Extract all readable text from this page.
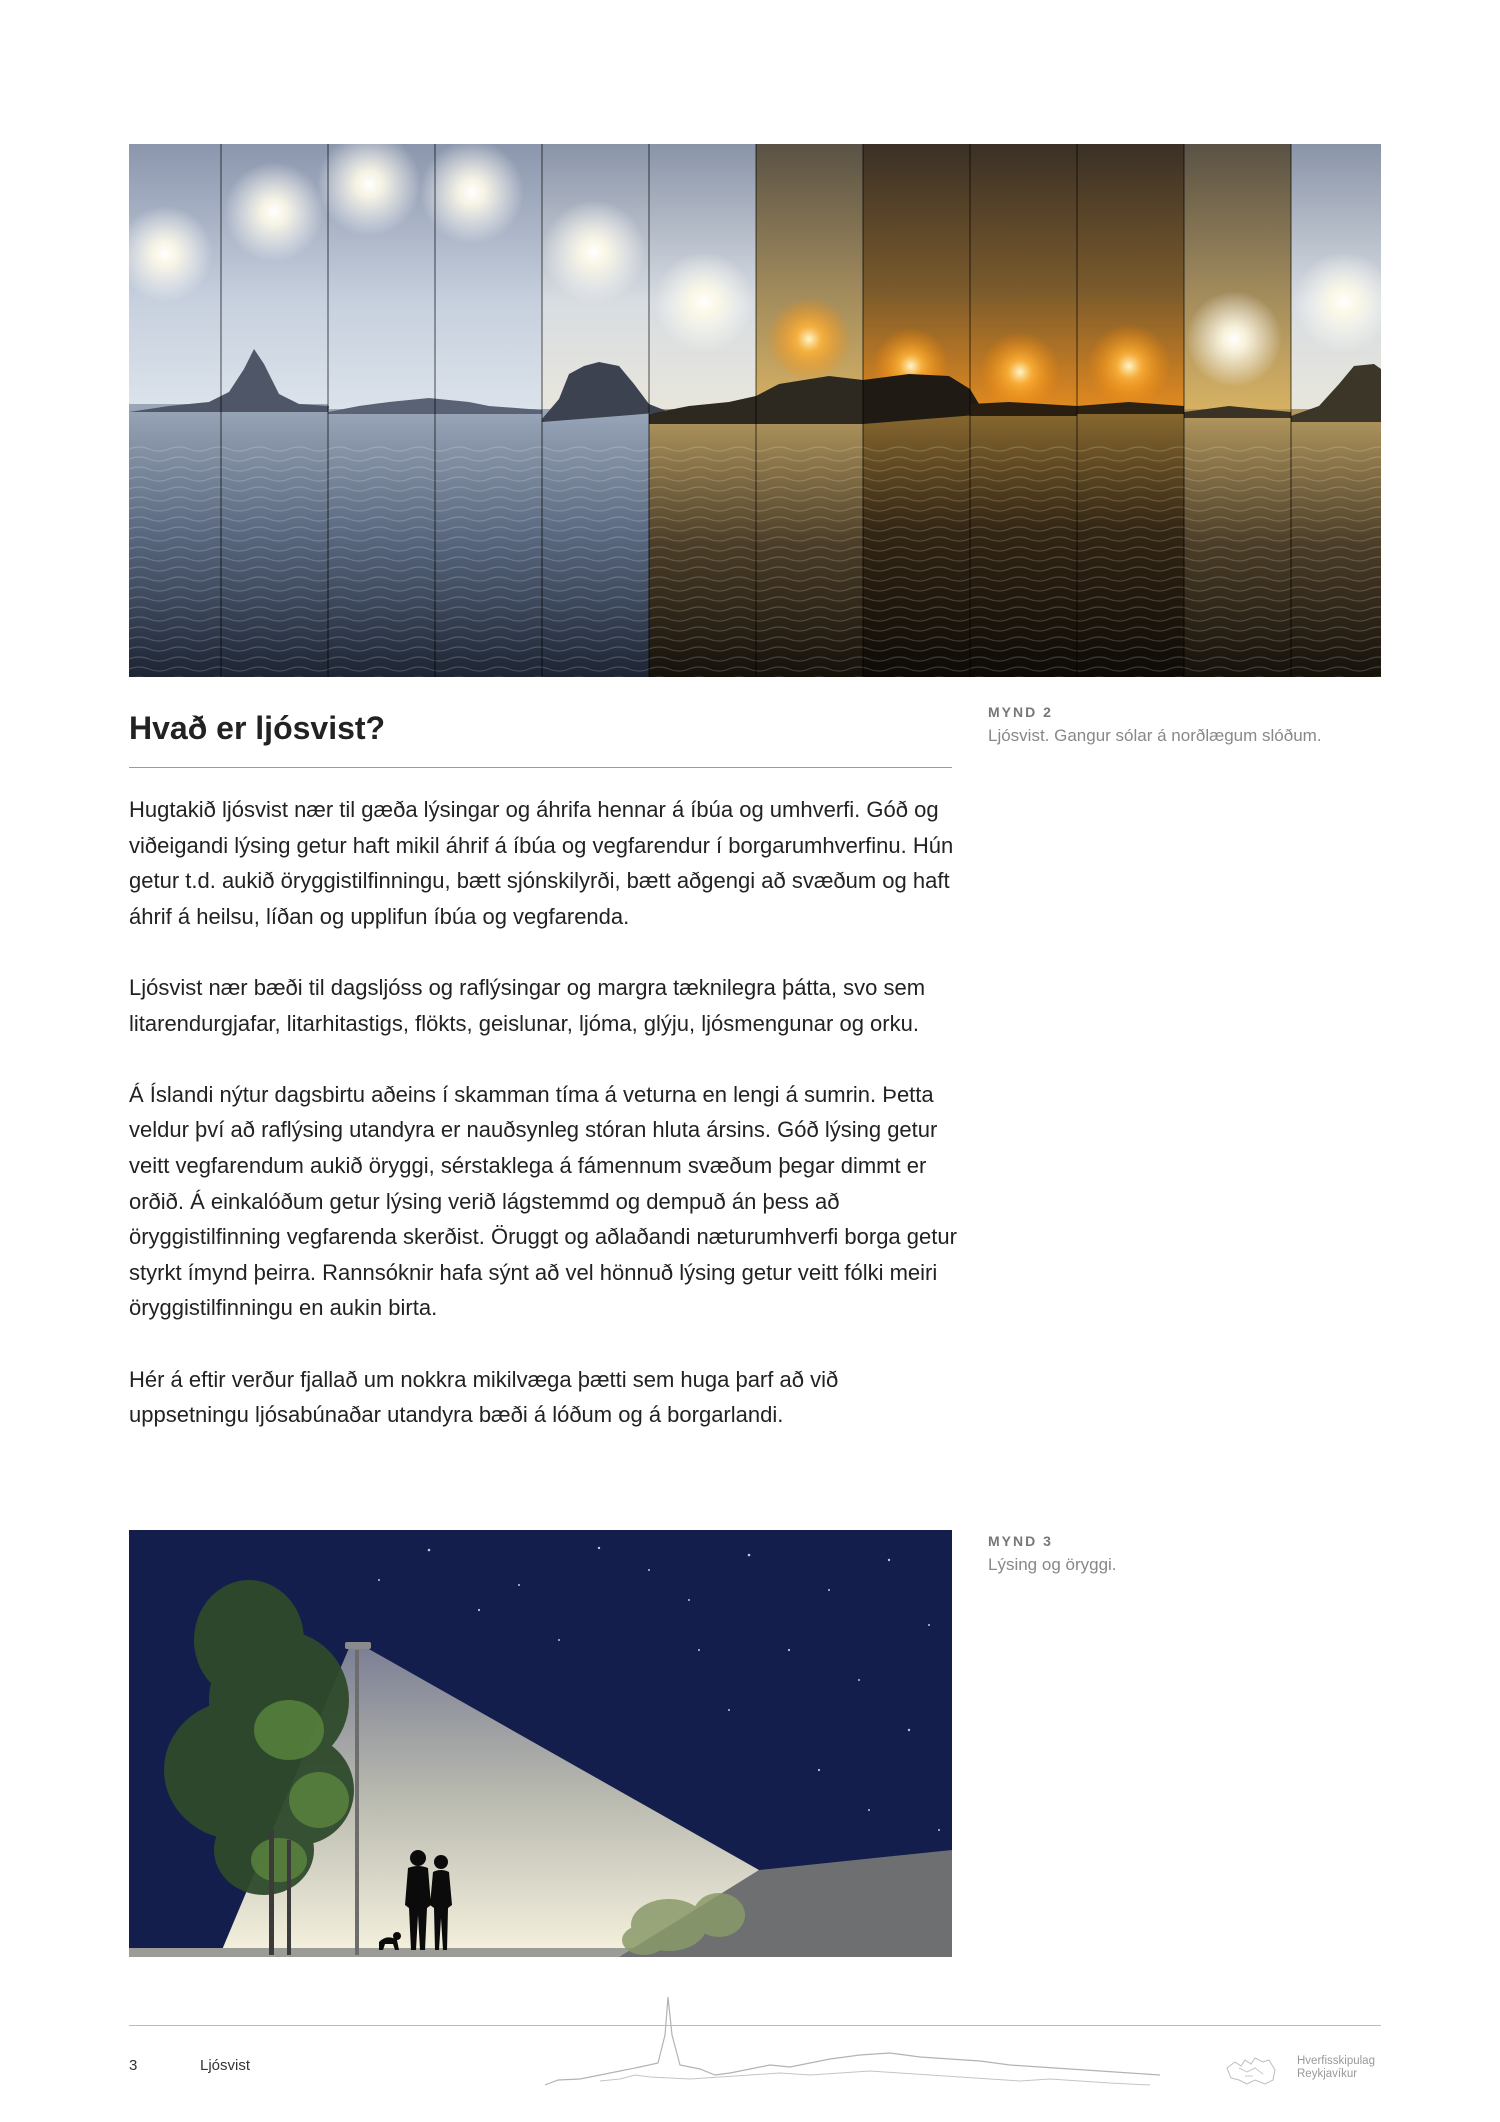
MYND 2
Ljósvist. Gangur sólar á norðlægum slóðum.
Hvað er ljósvist?

Hugtakið ljósvist nær til gæða lýsingar og áhrifa hennar á íbúa og umhverfi. Góð og viðeigandi lýsing getur haft mikil áhrif á íbúa og vegfarendur í borgarumhverfinu. Hún getur t.d. aukið öryggistilfinningu, bætt sjónskilyrði, bætt aðgengi að svæðum og haft áhrif á heilsu, líðan og upplifun íbúa og vegfarenda.

Ljósvist nær bæði til dagsljóss og raflýsingar og margra tæknilegra þátta, svo sem litarendurgjafar, litarhitastigs, flökts, geislunar, ljóma, glýju, ljósmengunar og orku.

Á Íslandi nýtur dagsbirtu aðeins í skamman tíma á veturna en lengi á sumrin. Þetta veldur því að raflýsing utandyra er nauðsynleg stóran hluta ársins. Góð lýsing getur veitt vegfarendum aukið öryggi, sérstaklega á fámennum svæðum þegar dimmt er orðið. Á einkalóðum getur lýsing verið lágstemmd og dempuð án þess að öryggistilfinning vegfarenda skerðist. Öruggt og aðlaðandi næturumhverfi borga getur styrkt ímynd þeirra. Rannsóknir hafa sýnt að vel hönnuð lýsing getur veitt fólki meiri öryggistilfinningu en aukin birta.

Hér á eftir verður fjallað um nokkra mikilvæga þætti sem huga þarf að við uppsetningu ljósabúnaðar utandyra bæði á lóðum og á borgarlandi.

MYND 3
Lýsing og öryggi.
3	Ljósvist	Hverfisskipulag
Reykjavíkur
